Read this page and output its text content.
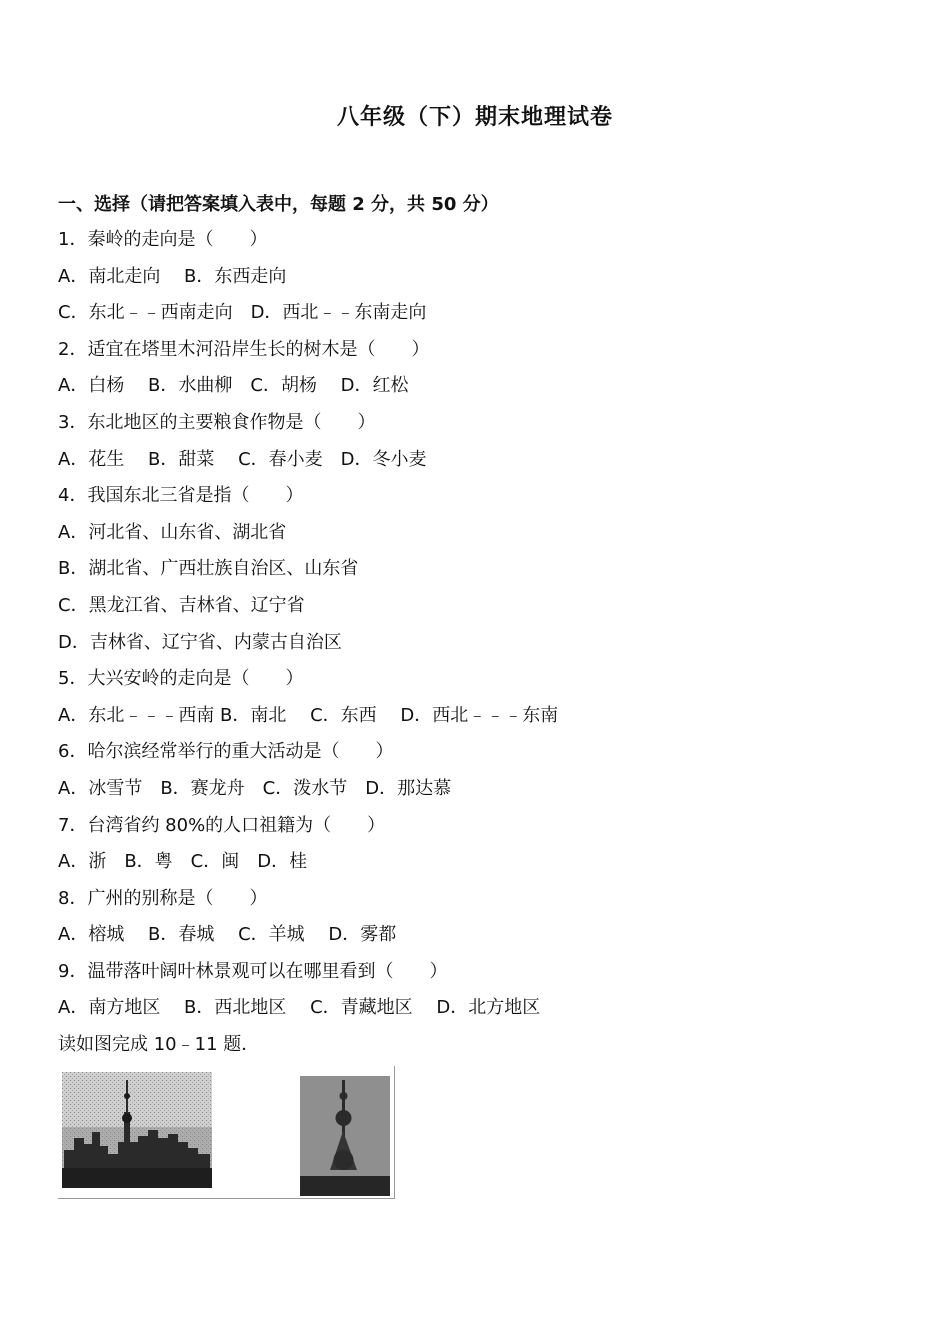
八年级（下）期末地理试卷
一、选择（请把答案填入表中，每题 2 分，共 50 分）
1．秦岭的走向是（　　）
A．南北走向　 B．东西走向
C．东北﹣﹣西南走向　D．西北﹣﹣东南走向
2．适宜在塔里木河沿岸生长的树木是（　　）
A．白杨　 B．水曲柳　C．胡杨　 D．红松
3．东北地区的主要粮食作物是（　　）
A．花生　 B．甜菜　 C．春小麦　D．冬小麦
4．我国东北三省是指（　　）
A．河北省、山东省、湖北省
B．湖北省、广西壮族自治区、山东省
C．黑龙江省、吉林省、辽宁省
D．吉林省、辽宁省、内蒙古自治区
5．大兴安岭的走向是（　　）
A．东北﹣﹣﹣西南 B．南北　 C．东西　 D．西北﹣﹣﹣东南
6．哈尔滨经常举行的重大活动是（　　）
A．冰雪节　B．赛龙舟　C．泼水节　D．那达慕
7．台湾省约 80%的人口祖籍为（　　）
A．浙　B．粤　C．闽　D．桂
8．广州的别称是（　　）
A．榕城　 B．春城　 C．羊城　 D．雾都
9．温带落叶阔叶林景观可以在哪里看到（　　）
A．南方地区　 B．西北地区　 C．青藏地区　 D．北方地区
读如图完成 10﹣11 题．
